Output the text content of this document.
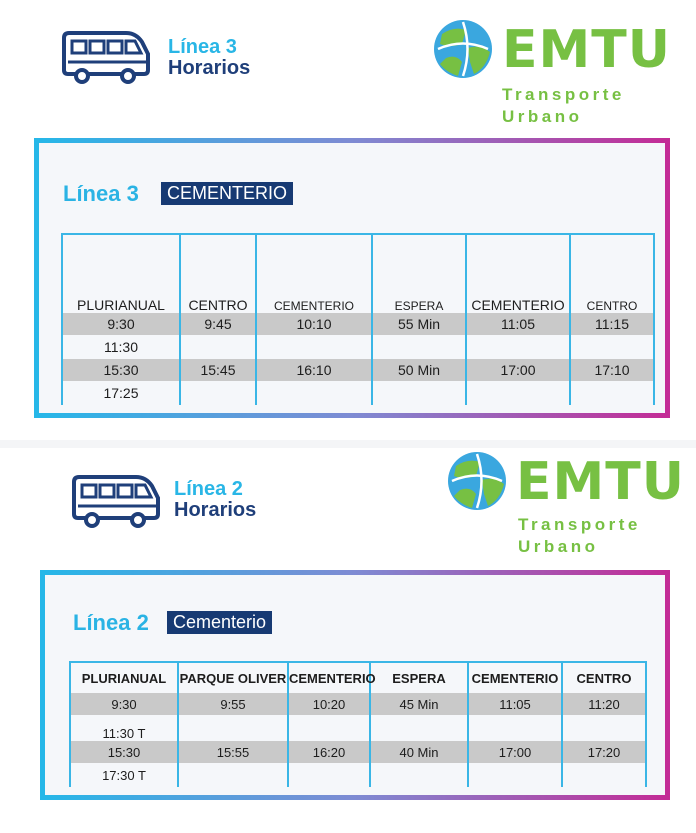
Línea 3
Horarios	EMTU
Transporte
Urbano
Línea 3	CEMENTERIO
PLURIANUAL	CENTRO	CEMENTERIO	ESPERA	CEMENTERIO	CENTRO
9:30	9:45	10:10	55 Min	11:05	11:15
11:30					
15:30	15:45	16:10	50 Min	17:00	17:10
17:25					
Línea 2
Horarios	EMTU
Transporte
Urbano
Línea 2	Cementerio
PLURIANUAL	PARQUE OLIVER	CEMENTERIO	ESPERA	CEMENTERIO	CENTRO
9:30	9:55	10:20	45 Min	11:05	11:20
11:30 T					
15:30	15:55	16:20	40 Min	17:00	17:20
17:30 T					
